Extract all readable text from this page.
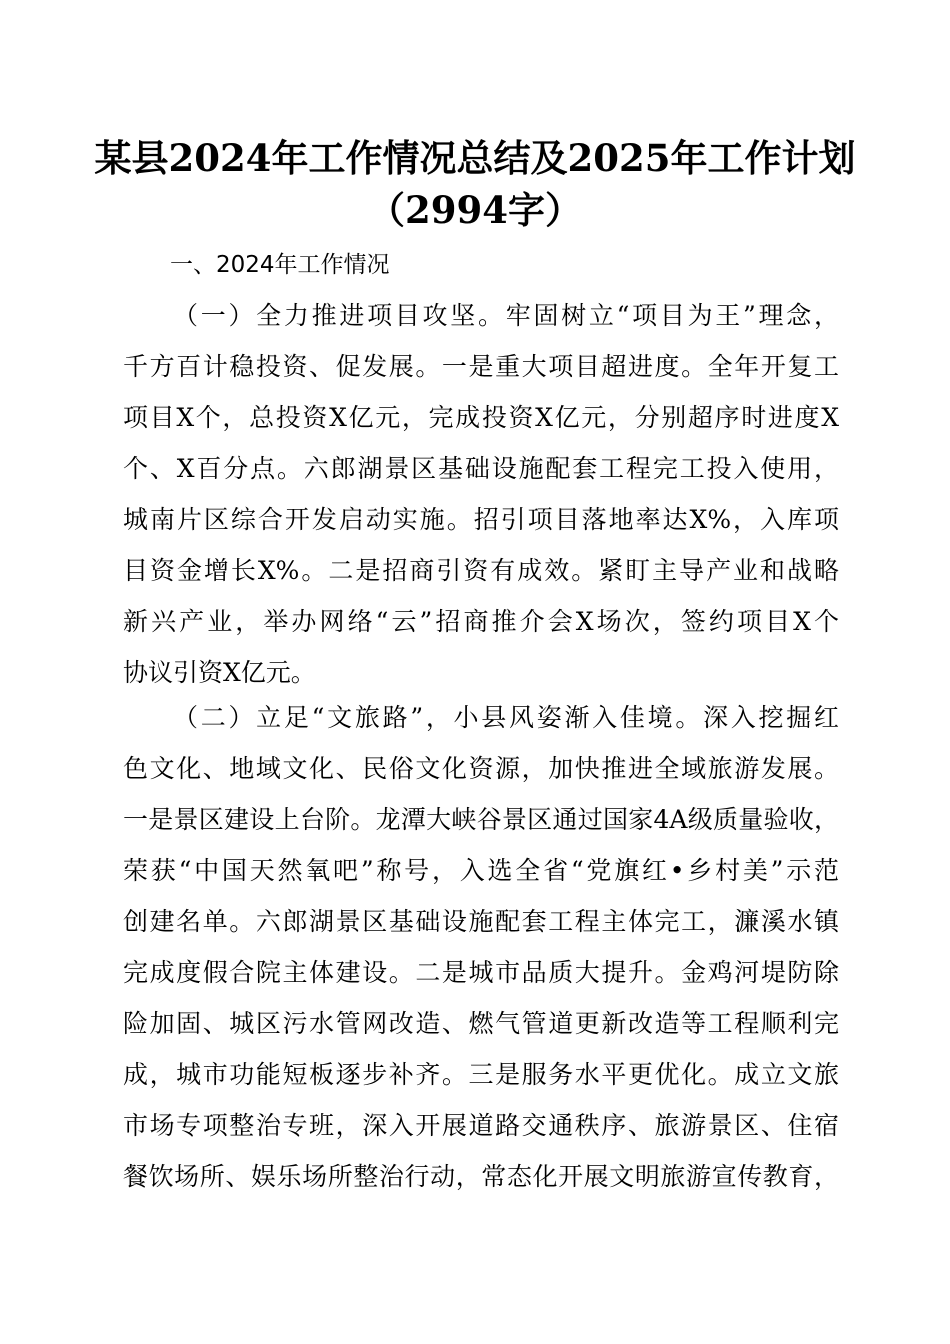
某县2024年工作情况总结及2025年工作计划
（2994字）
一、2024年工作情况
（一）全力推进项目攻坚。牢固树立“项目为王”理念，
千方百计稳投资、促发展。一是重大项目超进度。全年开复工
项目X个，总投资X亿元，完成投资X亿元，分别超序时进度X
个、X百分点。六郎湖景区基础设施配套工程完工投入使用，
城南片区综合开发启动实施。招引项目落地率达X%，入库项
目资金增长X%。二是招商引资有成效。紧盯主导产业和战略
新兴产业，举办网络“云”招商推介会X场次，签约项目X个
协议引资X亿元。
（二）立足“文旅路”，小县风姿渐入佳境。深入挖掘红
色文化、地域文化、民俗文化资源，加快推进全域旅游发展。
一是景区建设上台阶。龙潭大峡谷景区通过国家4A级质量验收，
荣获“中国天然氧吧”称号，入选全省“党旗红•乡村美”示范
创建名单。六郎湖景区基础设施配套工程主体完工，濂溪水镇
完成度假合院主体建设。二是城市品质大提升。金鸡河堤防除
险加固、城区污水管网改造、燃气管道更新改造等工程顺利完
成，城市功能短板逐步补齐。三是服务水平更优化。成立文旅
市场专项整治专班，深入开展道路交通秩序、旅游景区、住宿
餐饮场所、娱乐场所整治行动，常态化开展文明旅游宣传教育，
